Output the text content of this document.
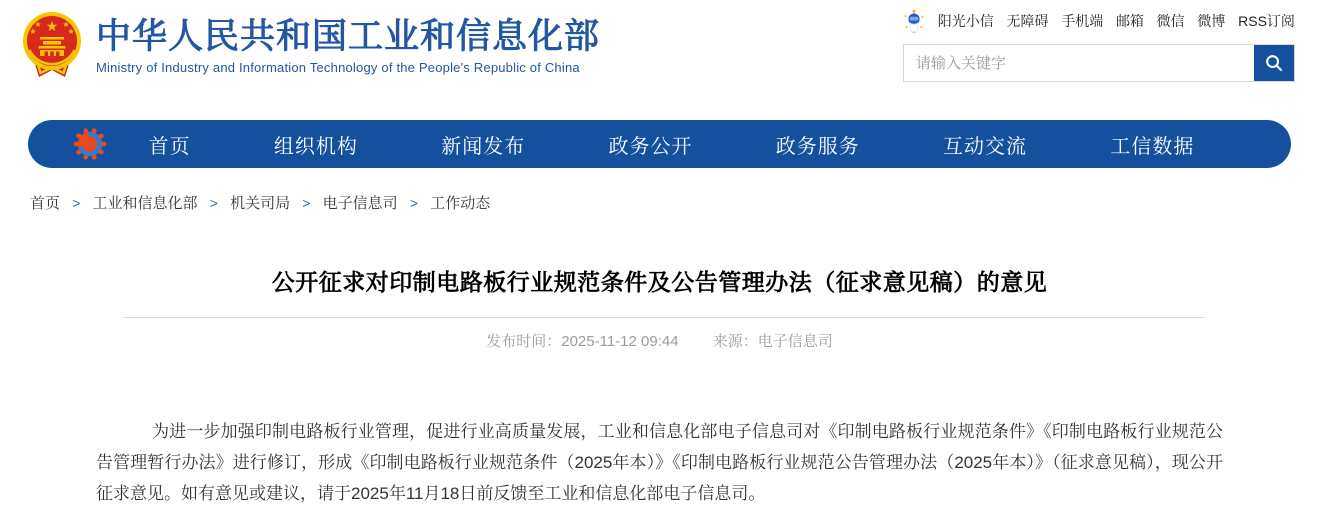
★
★	★
★	★ 中华人民共和国工业和信息化部
Ministry of Industry and Information Technology of the People's Republic of China
阳光小信 无障碍 手机端 邮箱 微信 微博 RSS订阅
请输入关键字
首页	组织机构	新闻发布	政务公开	政务服务	互动交流	工信数据
首页 > 工业和信息化部 > 机关司局 > 电子信息司 > 工作动态
公开征求对印制电路板行业规范条件及公告管理办法（征求意见稿）的意见
发布时间：2025-11-12 09:44 来源：电子信息司

为进一步加强印制电路板行业管理，促进行业高质量发展，工业和信息化部电子信息司对《印制电路板行业规范条件》《印制电路板行业规范公告管理暂行办法》进行修订，形成《印制电路板行业规范条件（2025年本）》《印制电路板行业规范公告管理办法（2025年本）》（征求意见稿），现公开征求意见。如有意见或建议，请于2025年11月18日前反馈至工业和信息化部电子信息司。
